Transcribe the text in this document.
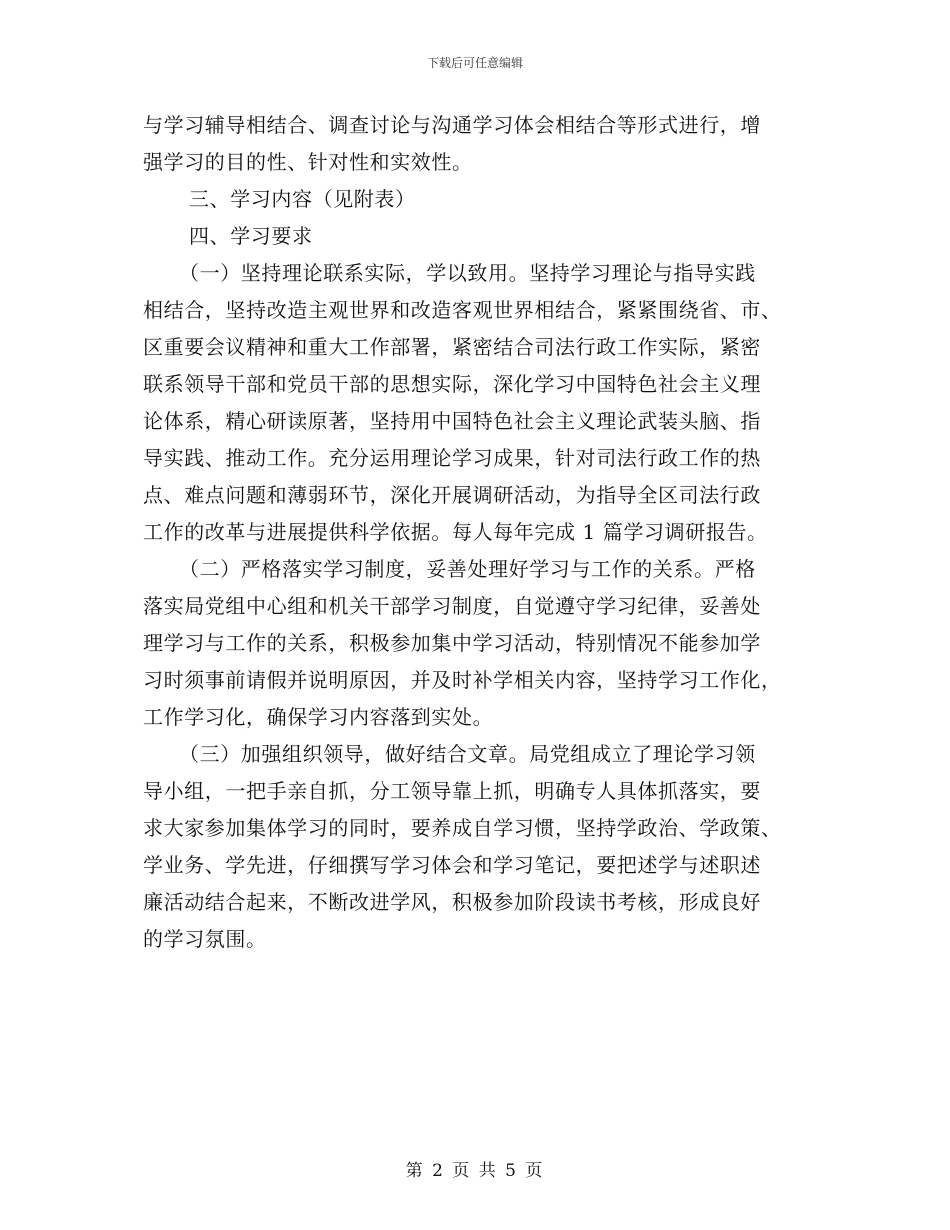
下载后可任意编辑
与学习辅导相结合、调查讨论与沟通学习体会相结合等形式进行，增
强学习的目的性、针对性和实效性。
三、学习内容（见附表）
四、学习要求
（一）坚持理论联系实际，学以致用。坚持学习理论与指导实践
相结合，坚持改造主观世界和改造客观世界相结合，紧紧围绕省、市、
区重要会议精神和重大工作部署，紧密结合司法行政工作实际，紧密
联系领导干部和党员干部的思想实际，深化学习中国特色社会主义理
论体系，精心研读原著，坚持用中国特色社会主义理论武装头脑、指
导实践、推动工作。充分运用理论学习成果，针对司法行政工作的热
点、难点问题和薄弱环节，深化开展调研活动，为指导全区司法行政
工作的改革与进展提供科学依据。每人每年完成 1 篇学习调研报告。
（二）严格落实学习制度，妥善处理好学习与工作的关系。严格
落实局党组中心组和机关干部学习制度，自觉遵守学习纪律，妥善处
理学习与工作的关系，积极参加集中学习活动，特别情况不能参加学
习时须事前请假并说明原因，并及时补学相关内容，坚持学习工作化，
工作学习化，确保学习内容落到实处。
（三）加强组织领导，做好结合文章。局党组成立了理论学习领
导小组，一把手亲自抓，分工领导靠上抓，明确专人具体抓落实，要
求大家参加集体学习的同时，要养成自学习惯，坚持学政治、学政策、
学业务、学先进，仔细撰写学习体会和学习笔记，要把述学与述职述
廉活动结合起来，不断改进学风，积极参加阶段读书考核，形成良好
的学习氛围。
第 2 页 共 5 页
